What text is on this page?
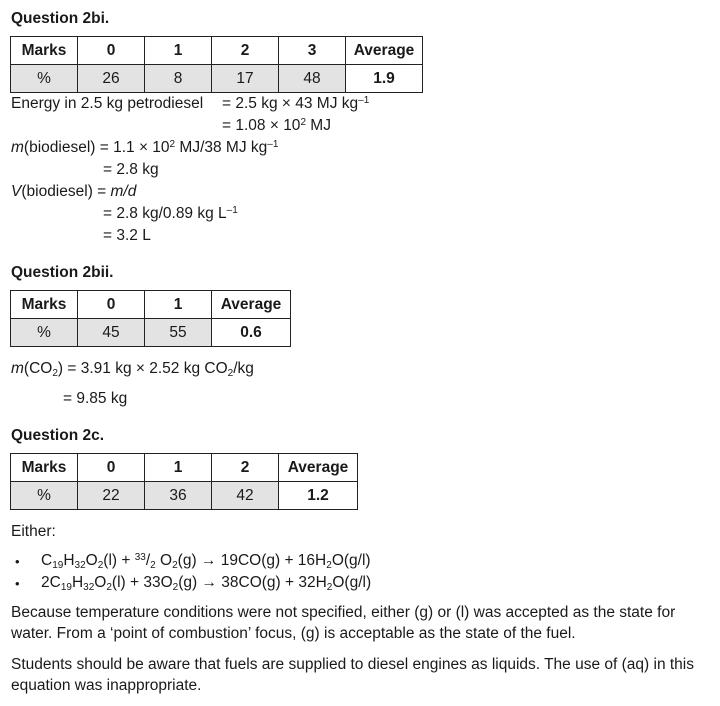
Question 2bi.
Marks	0	1	2	3	Average
%	26	8	17	48	1.9
Energy in 2.5 kg petrodiesel = 2.5 kg × 43 MJ $kg^{-1}$
= $1.08 \times 10^2$ MJ
m(biodiesel) = $1.1 \times 10^2$ MJ/38 MJ $kg^{-1}$
= 2.8 kg
V(biodiesel) = m/d
= 2.8 kg/0.89 kg $L^{-1}$
= 3.2 L
Question 2bii.
Marks	0	1	Average
%	45	55	0.6
$m(CO_2) = 3.91$ kg × 2.52 kg $CO_2/kg$
= 9.85 kg
Question 2c.
Marks	0	1	2	Average
%	22	36	42	1.2
Either:
• $C_{19}H_{32}O_2(l) + ^{33}/_2$ $O_2(g) \to 19CO(g) + 16H_2O(g/l)$
• $2C_{19}H_{32}O_2(l) + 33O_2(g) \to 38CO(g) + 32H_2O(g/l)$
Because temperature conditions were not specified, either (g) or (l) was accepted as the state for water. From a ‘point of combustion’ focus, (g) is acceptable as the state of the fuel.
Students should be aware that fuels are supplied to diesel engines as liquids. The use of (aq) in this equation was inappropriate.
